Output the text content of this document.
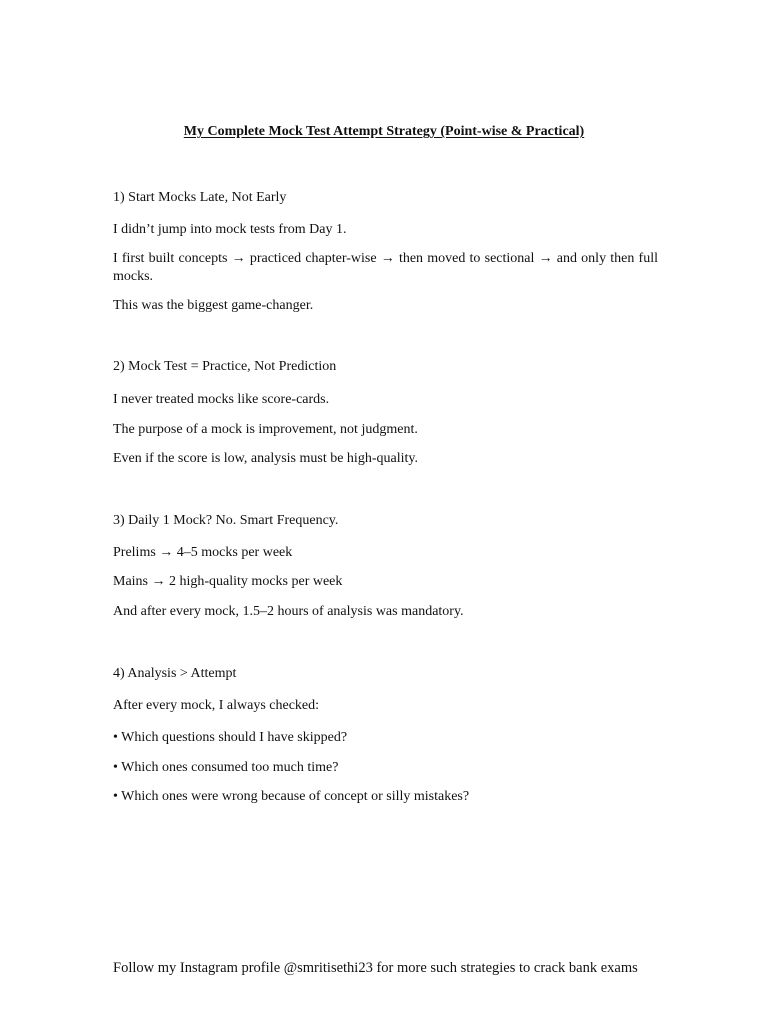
My Complete Mock Test Attempt Strategy (Point-wise & Practical)
1) Start Mocks Late, Not Early
I didn’t jump into mock tests from Day 1.
I first built concepts → practiced chapter-wise → then moved to sectional → and only then full mocks.
This was the biggest game-changer.
2) Mock Test = Practice, Not Prediction
I never treated mocks like score-cards.
The purpose of a mock is improvement, not judgment.
Even if the score is low, analysis must be high-quality.
3) Daily 1 Mock? No. Smart Frequency.
Prelims → 4–5 mocks per week
Mains → 2 high-quality mocks per week
And after every mock, 1.5–2 hours of analysis was mandatory.
4) Analysis > Attempt
After every mock, I always checked:
• Which questions should I have skipped?
• Which ones consumed too much time?
• Which ones were wrong because of concept or silly mistakes?
Follow my Instagram profile @smritisethi23 for more such strategies to crack bank exams
